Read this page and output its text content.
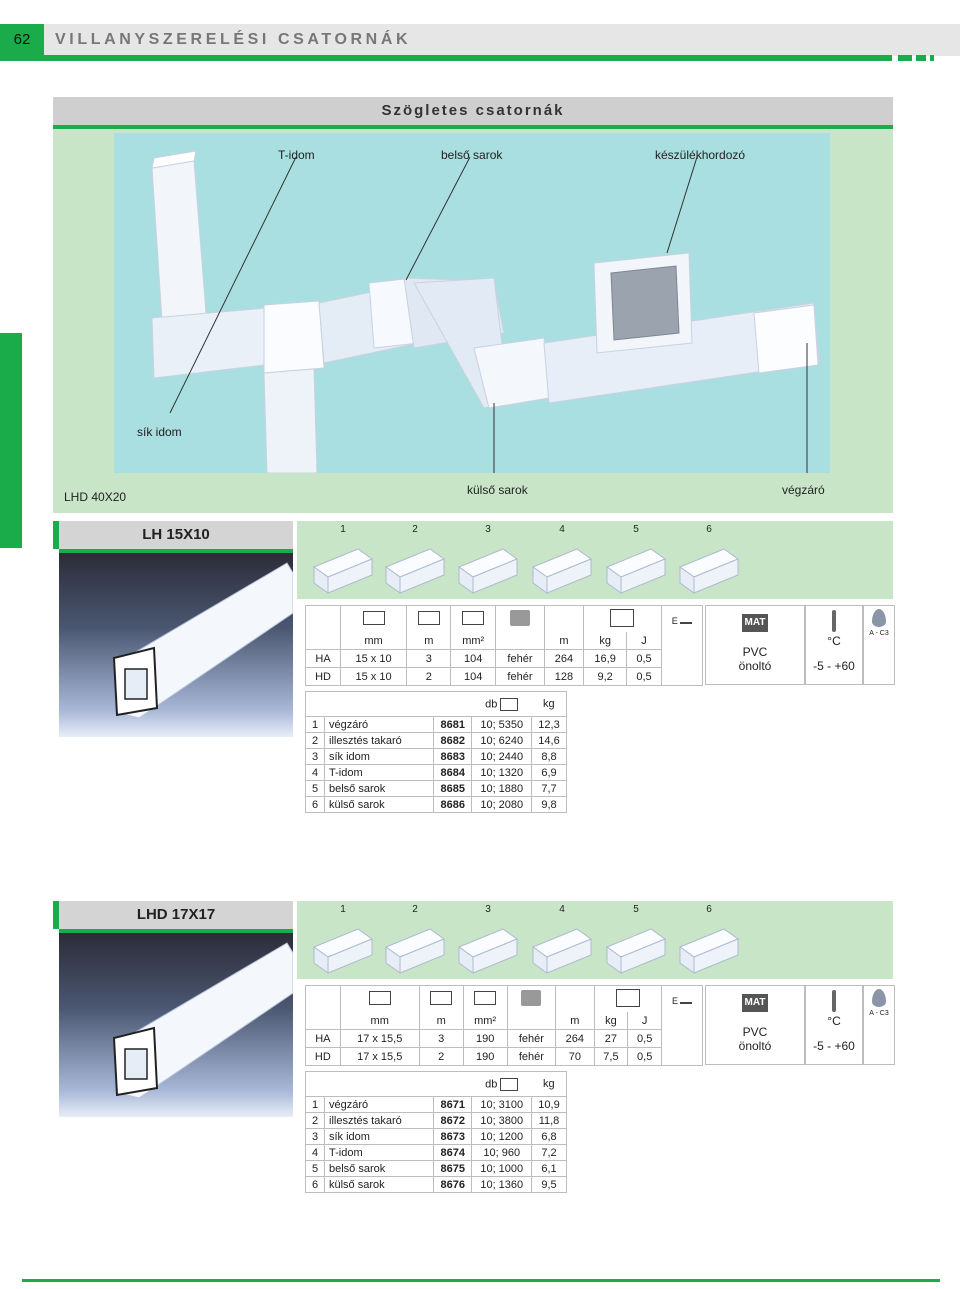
62	VILLANYSZERELÉSI CSATORNÁK
Szögletes csatornák
T-idom	belső sarok	készülékhordozó
sík idom
LHD 40X20	külső sarok	végzáró
LH 15X10	1	2	3	4	5	6
								E
	mm	m	mm²		m	kg	J	
HA	15 x 10	3	104	fehér	264	16,9	0,5	
HD	15 x 10	2	104	fehér	128	9,2	0,5	
MAT
PVC
önoltó
°C
-5 - +60
A - C3
			db	kg
1	végzáró	8681	10; 5350	12,3
2	illesztés takaró	8682	10; 6240	14,6
3	sík idom	8683	10; 2440	8,8
4	T-idom	8684	10; 1320	6,9
5	belső sarok	8685	10; 1880	7,7
6	külső sarok	8686	10; 2080	9,8
LHD 17X17	1	2	3	4	5	6
								E
	mm	m	mm²		m	kg	J	
HA	17 x 15,5	3	190	fehér	264	27	0,5	
HD	17 x 15,5	2	190	fehér	70	7,5	0,5	
MAT
PVC
önoltó
°C
-5 - +60
A - C3
			db	kg
1	végzáró	8671	10; 3100	10,9
2	illesztés takaró	8672	10; 3800	11,8
3	sík idom	8673	10; 1200	6,8
4	T-idom	8674	10; 960	7,2
5	belső sarok	8675	10; 1000	6,1
6	külső sarok	8676	10; 1360	9,5
